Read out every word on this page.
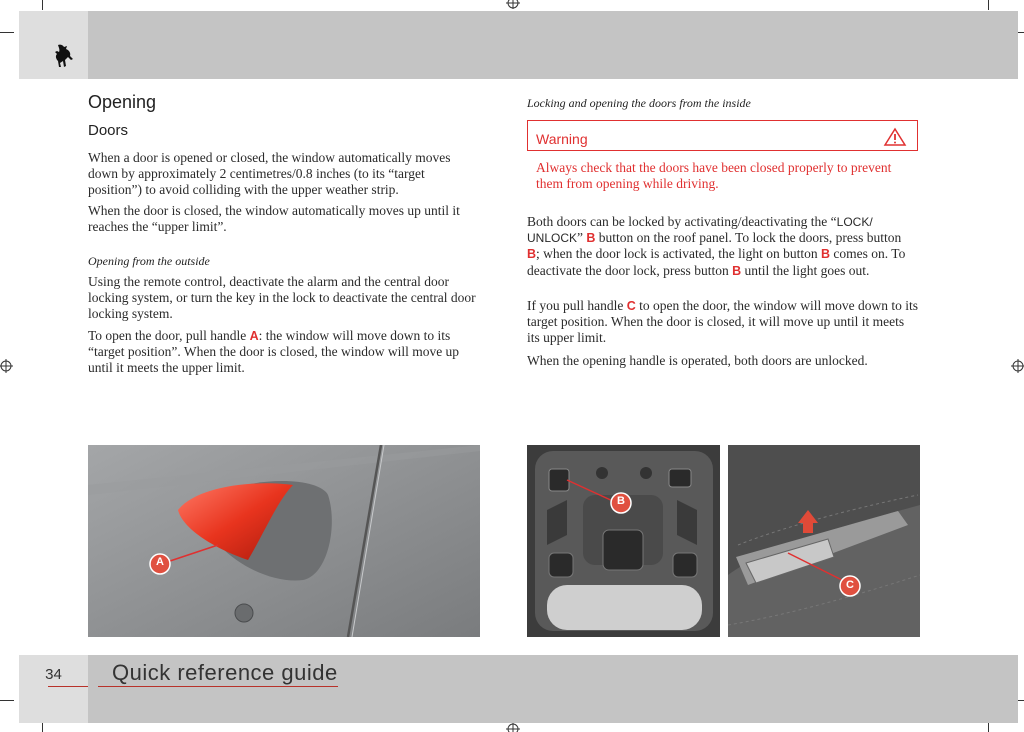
Opening
Doors

When a door is opened or closed, the window automatically moves down by approximately 2 centimetres/0.8 inches (to its “target position”) to avoid colliding with the upper weather strip.

When the door is closed, the window automatically moves up until it reaches the “upper limit”.

Opening from the outside

Using the remote control, deactivate the alarm and the central door locking system, or turn the key in the lock to deactivate the central door locking system.

To open the door, pull handle A: the window will move down to its “target position”. When the door is closed, the window will move up until it meets the upper limit.

Locking and opening the doors from the inside

Warning

Always check that the doors have been closed properly to prevent them from opening while driving.

Both doors can be locked by activating/deactivating the “LOCK/ UNLOCK” B button on the roof panel. To lock the doors, press button B; when the door lock is activated, the light on button B comes on. To deactivate the door lock, press button B until the light goes out.

If you pull handle C to open the door, the window will move down to its target position. When the door is closed, it will move up until it meets its upper limit.

When the opening handle is operated, both doors are unlocked.

A
B
C
34	Quick reference guide
